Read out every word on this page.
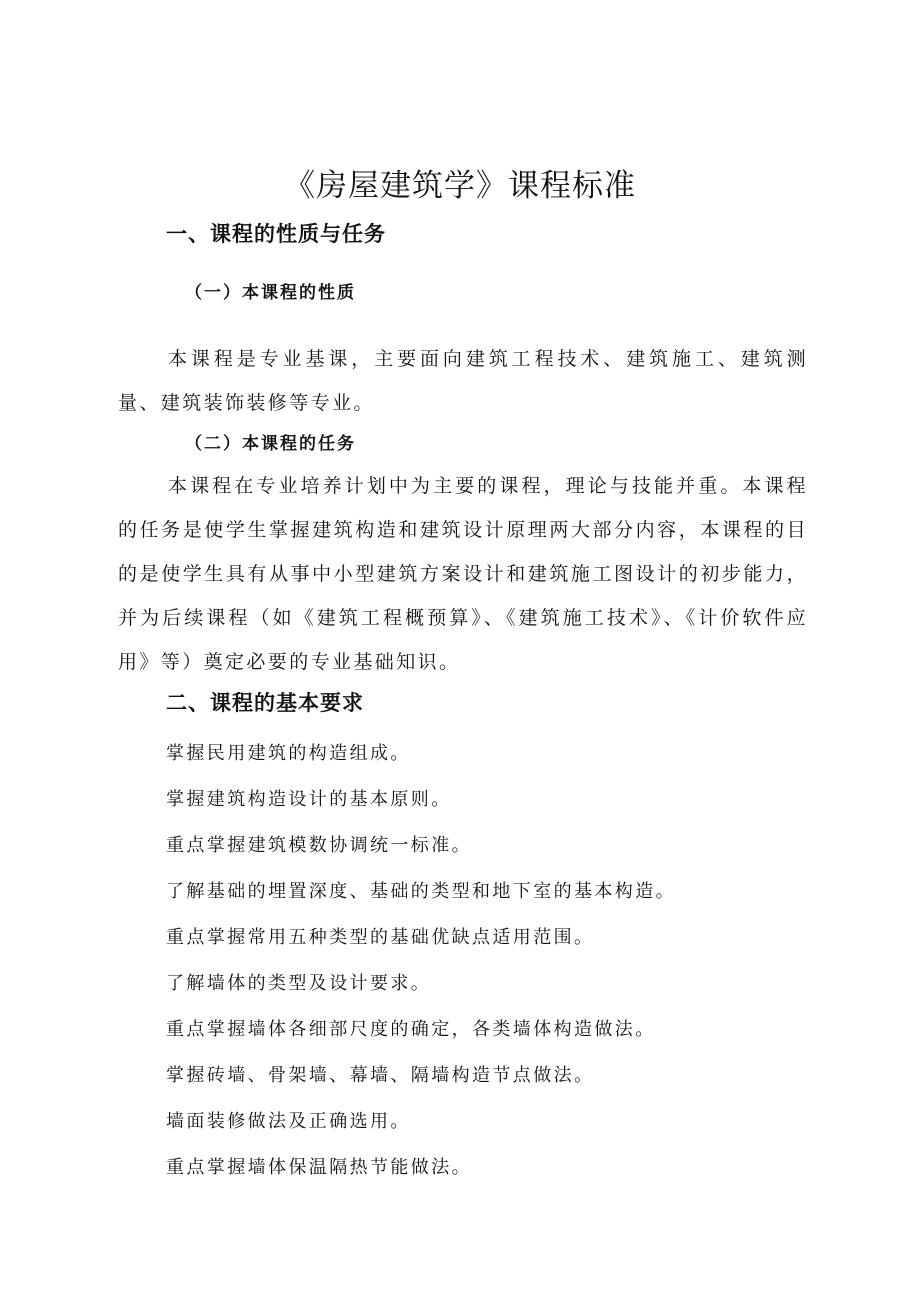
《房屋建筑学》课程标准
一、课程的性质与任务
（一）本课程的性质

本课程是专业基课，主要面向建筑工程技术、建筑施工、建筑测量、建筑装饰装修等专业。

（二）本课程的任务

本课程在专业培养计划中为主要的课程，理论与技能并重。本课程的任务是使学生掌握建筑构造和建筑设计原理两大部分内容，本课程的目的是使学生具有从事中小型建筑方案设计和建筑施工图设计的初步能力，并为后续课程（如《建筑工程概预算》、《建筑施工技术》、《计价软件应用》等）奠定必要的专业基础知识。

二、课程的基本要求
掌握民用建筑的构造组成。
掌握建筑构造设计的基本原则。
重点掌握建筑模数协调统一标准。
了解基础的埋置深度、基础的类型和地下室的基本构造。
重点掌握常用五种类型的基础优缺点适用范围。
了解墙体的类型及设计要求。
重点掌握墙体各细部尺度的确定，各类墙体构造做法。
掌握砖墙、骨架墙、幕墙、隔墙构造节点做法。
墙面装修做法及正确选用。
重点掌握墙体保温隔热节能做法。
